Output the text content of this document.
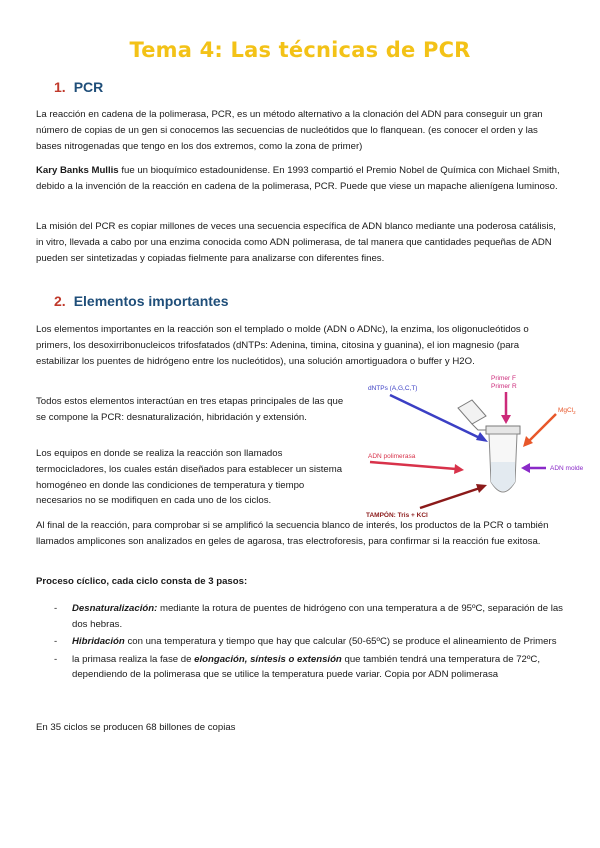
Tema 4: Las técnicas de PCR
1. PCR
La reacción en cadena de la polimerasa, PCR, es un método alternativo a la clonación del ADN para conseguir un gran número de copias de un gen si conocemos las secuencias de nucleótidos que lo flanquean. (es conocer el orden y las bases nitrogenadas que tengo en los dos extremos, como la zona de primer)
Kary Banks Mullis fue un bioquímico estadounidense. En 1993 compartió el Premio Nobel de Química con Michael Smith, debido a la invención de la reacción en cadena de la polimerasa, PCR. Puede que viese un mapache alienígena luminoso.
La misión del PCR es copiar millones de veces una secuencia específica de ADN blanco mediante una poderosa catálisis, in vitro, llevada a cabo por una enzima conocida como ADN polimerasa, de tal manera que cantidades pequeñas de ADN pueden ser sintetizadas y copiadas fielmente para analizarse con diferentes fines.
2. Elementos importantes
Los elementos importantes en la reacción son el templado o molde (ADN o ADNc), la enzima, los oligonucleótidos o primers, los desoxirribonucleicos trifosfatados (dNTPs: Adenina, timina, citosina y guanina), el ion magnesio (para estabilizar los puentes de hidrógeno entre los nucleótidos), una solución amortiguadora o buffer y H2O.
Todos estos elementos interactúan en tres etapas principales de las que se compone la PCR: desnaturalización, hibridación y extensión.
Los equipos en donde se realiza la reacción son llamados termocicladores, los cuales están diseñados para establecer un sistema homogéneo en donde las condiciones de temperatura y tiempo necesarios no se modifiquen en cada uno de los ciclos.
dNTPs (A,G,C,T)
Primer F
Primer R
MgCl$_2$
ADN polimerasa
ADN molde
TAMPÓN: Tris + KCl
Al final de la reacción, para comprobar si se amplificó la secuencia blanco de interés, los productos de la PCR o también llamados amplicones son analizados en geles de agarosa, tras electroforesis, para confirmar si la reacción fue exitosa.
Proceso cíclico, cada ciclo consta de 3 pasos:
- Desnaturalización: mediante la rotura de puentes de hidrógeno con una temperatura a de 95ºC, separación de las dos hebras.
- Hibridación con una temperatura y tiempo que hay que calcular (50-65ºC) se produce el alineamiento de Primers
- la primasa realiza la fase de elongación, síntesis o extensión que también tendrá una temperatura de 72ºC, dependiendo de la polimerasa que se utilice la temperatura puede variar. Copia por ADN polimerasa
En 35 ciclos se producen 68 billones de copias
